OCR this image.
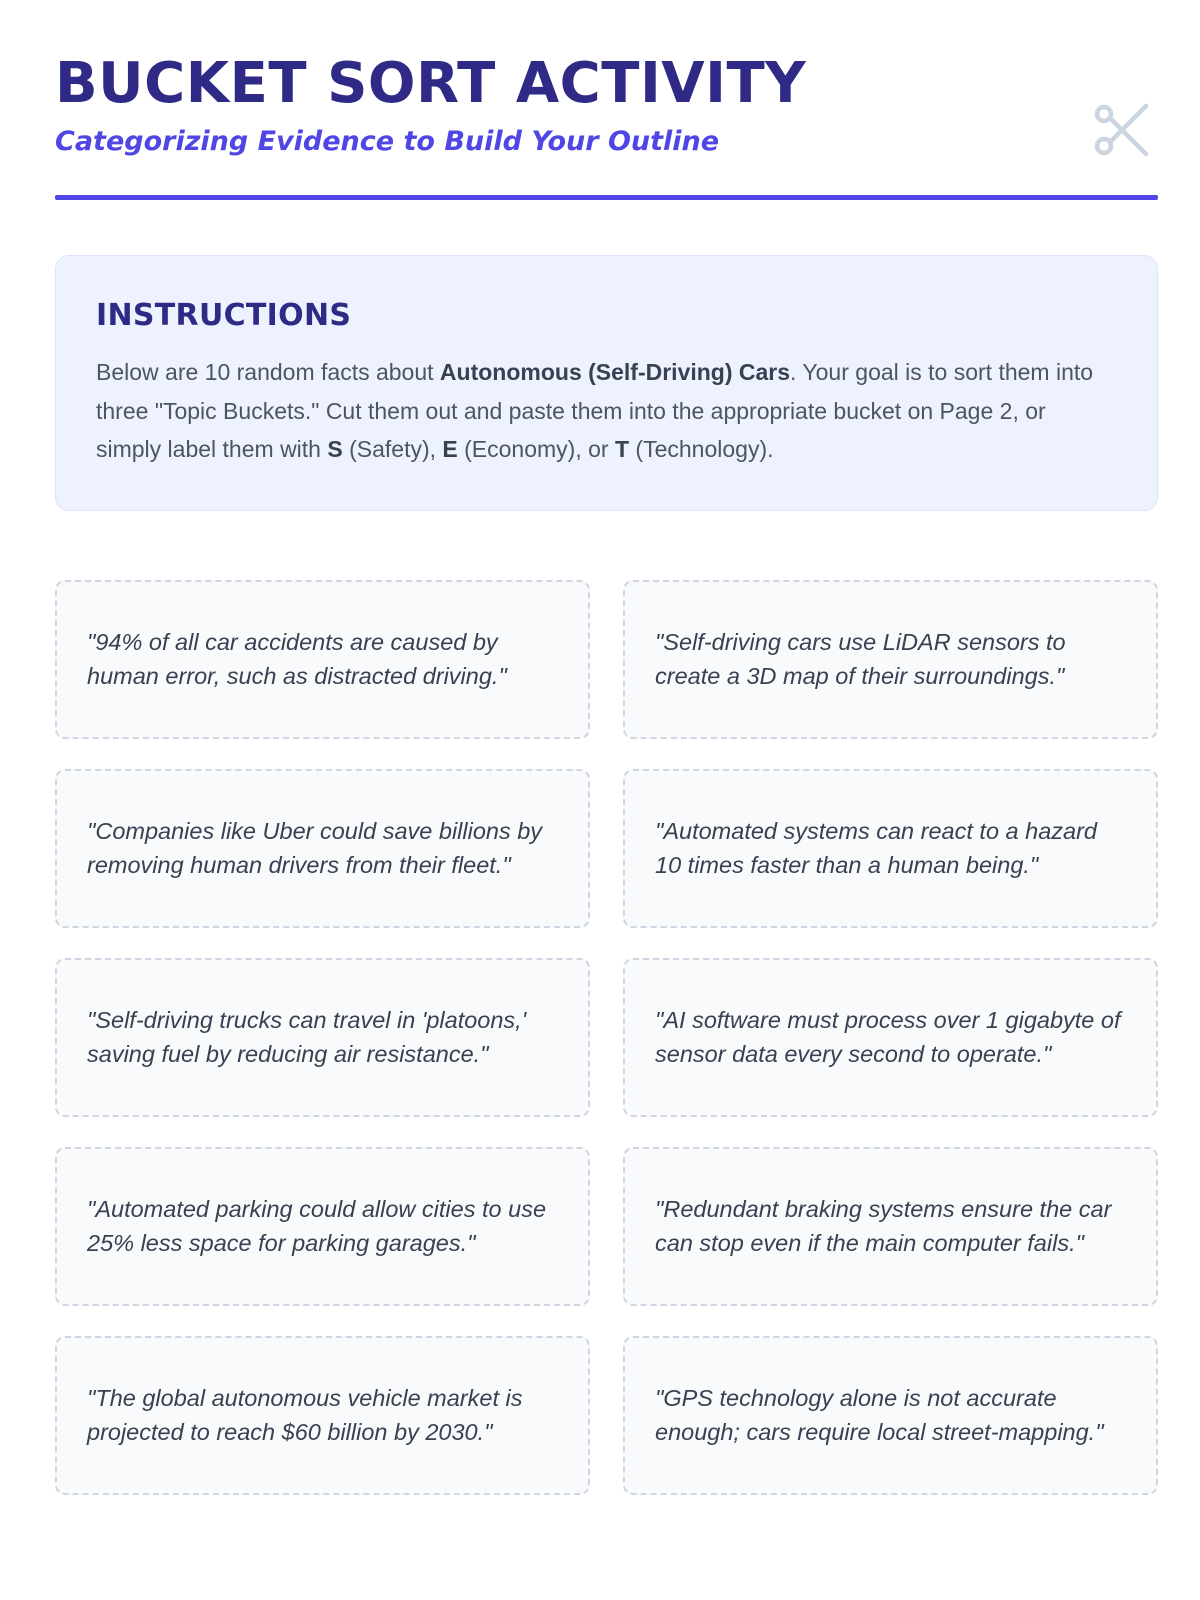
BUCKET SORT ACTIVITY
Categorizing Evidence to Build Your Outline
INSTRUCTIONS

Below are 10 random facts about Autonomous (Self-Driving) Cars. Your goal is to sort them into three "Topic Buckets." Cut them out and paste them into the appropriate bucket on Page 2, or simply label them with S (Safety), E (Economy), or T (Technology).

"94% of all car accidents are caused by human error, such as distracted driving."

"Self-driving cars use LiDAR sensors to create a 3D map of their surroundings."

"Companies like Uber could save billions by removing human drivers from their fleet."

"Automated systems can react to a hazard 10 times faster than a human being."

"Self-driving trucks can travel in 'platoons,' saving fuel by reducing air resistance."

"AI software must process over 1 gigabyte of sensor data every second to operate."

"Automated parking could allow cities to use 25% less space for parking garages."

"Redundant braking systems ensure the car can stop even if the main computer fails."

"The global autonomous vehicle market is projected to reach $60 billion by 2030."

"GPS technology alone is not accurate enough; cars require local street-mapping."
